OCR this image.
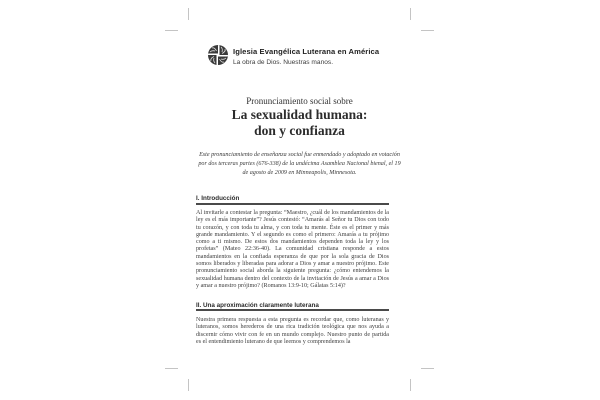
Iglesia Evangélica Luterana en América
La obra de Dios. Nuestras manos.
Pronunciamiento social sobre
La sexualidad humana:
don y confianza
Este pronunciamiento de enseñanza social fue enmendado y adoptado en votación por dos terceras partes (676-338) de la undécima Asamblea Nacional bienal, el 19 de agosto de 2009 en Minneapolis, Minnesota.
I. Introducción
Al invitarle a contestar la pregunta: “Maestro, ¿cuál de los mandamientos de la ley es el más importante”? Jesús contestó: “Amarás al Señor tu Dios con todo tu corazón, y con toda tu alma, y con toda tu mente. Éste es el primer y más grande mandamiento. Y el segundo es como el primero: Amarás a tu prójimo como a ti mismo. De estos dos mandamientos dependen toda la ley y los profetas” (Mateo 22:36-40). La comunidad cristiana responde a estos mandamientos en la confiada esperanza de que por la sola gracia de Dios somos liberados y liberadas para adorar a Dios y amar a nuestro prójimo. Este pronunciamiento social aborda la siguiente pregunta: ¿cómo entendemos la sexualidad humana dentro del contexto de la invitación de Jesús a amar a Dios y amar a nuestro prójimo? (Romanos 13:9-10; Gálatas 5:14)?
II. Una aproximación claramente luterana
Nuestra primera respuesta a esta pregunta es recordar que, como luteranas y luteranos, somos herederos de una rica tradición teológica que nos ayuda a discernir cómo vivir con fe en un mundo complejo. Nuestro punto de partida es el entendimiento luterano de que leemos y comprendemos la
